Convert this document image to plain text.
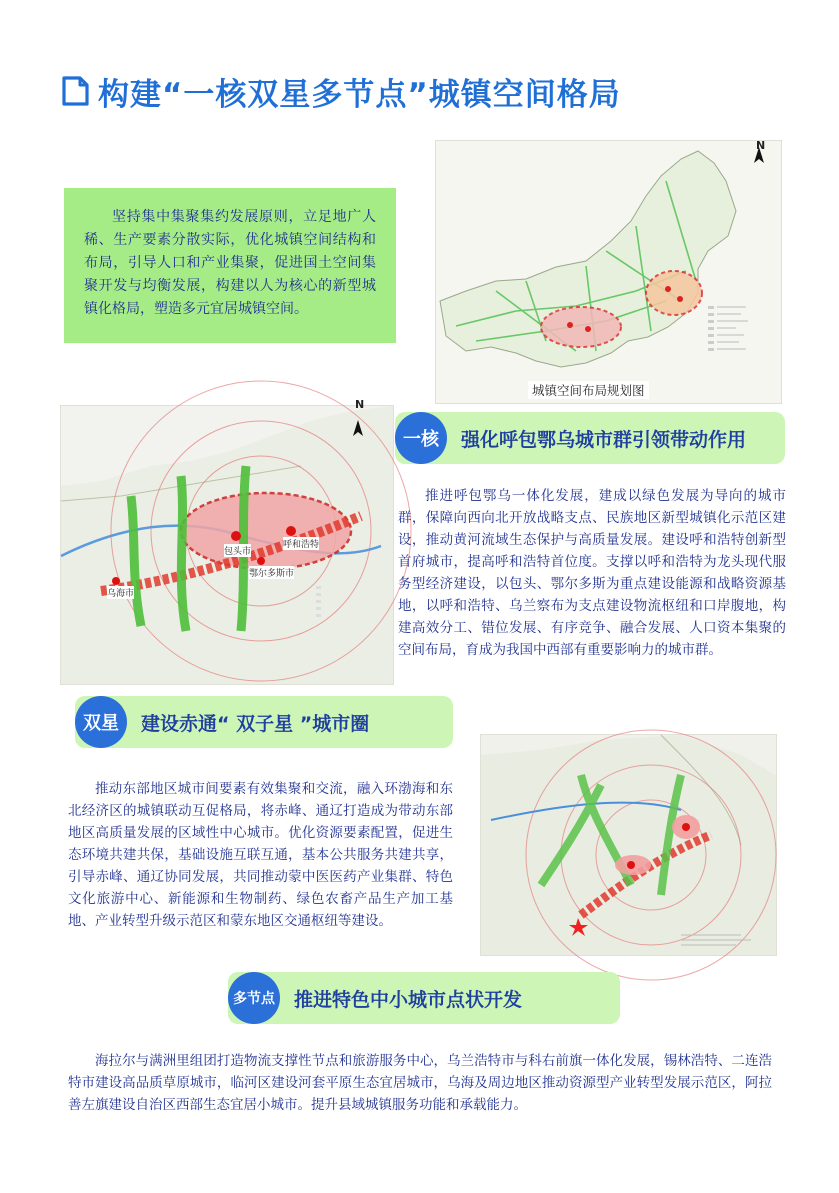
构建“一核双星多节点”城镇空间格局
坚持集中集聚集约发展原则，立足地广人稀、生产要素分散实际，优化城镇空间结构和布局，引导人口和产业集聚，促进国土空间集聚开发与均衡发展，构建以人为核心的新型城镇化格局，塑造多元宜居城镇空间。
N
城镇空间布局规划图
N
包头市
呼和浩特
鄂尔多斯市
乌海市
一核	强化呼包鄂乌城市群引领带动作用
推进呼包鄂乌一体化发展，建成以绿色发展为导向的城市群，保障向西向北开放战略支点、民族地区新型城镇化示范区建设，推动黄河流域生态保护与高质量发展。建设呼和浩特创新型首府城市，提高呼和浩特首位度。支撑以呼和浩特为龙头现代服务型经济建设，以包头、鄂尔多斯为重点建设能源和战略资源基地，以呼和浩特、乌兰察布为支点建设物流枢纽和口岸腹地，构建高效分工、错位发展、有序竞争、融合发展、人口资本集聚的空间布局，育成为我国中西部有重要影响力的城市群。
双星	建设赤通“ 双子星 ”城市圈
推动东部地区城市间要素有效集聚和交流，融入环渤海和东北经济区的城镇联动互促格局，将赤峰、通辽打造成为带动东部地区高质量发展的区域性中心城市。优化资源要素配置，促进生态环境共建共保，基础设施互联互通，基本公共服务共建共享，引导赤峰、通辽协同发展，共同推动蒙中医医药产业集群、特色文化旅游中心、新能源和生物制药、绿色农畜产品生产加工基地、产业转型升级示范区和蒙东地区交通枢纽等建设。
多节点 推进特色中小城市点状开发
海拉尔与满洲里组团打造物流支撑性节点和旅游服务中心，乌兰浩特市与科右前旗一体化发展，锡林浩特、二连浩特市建设高品质草原城市，临河区建设河套平原生态宜居城市，乌海及周边地区推动资源型产业转型发展示范区，阿拉善左旗建设自治区西部生态宜居小城市。提升县域城镇服务功能和承载能力。
